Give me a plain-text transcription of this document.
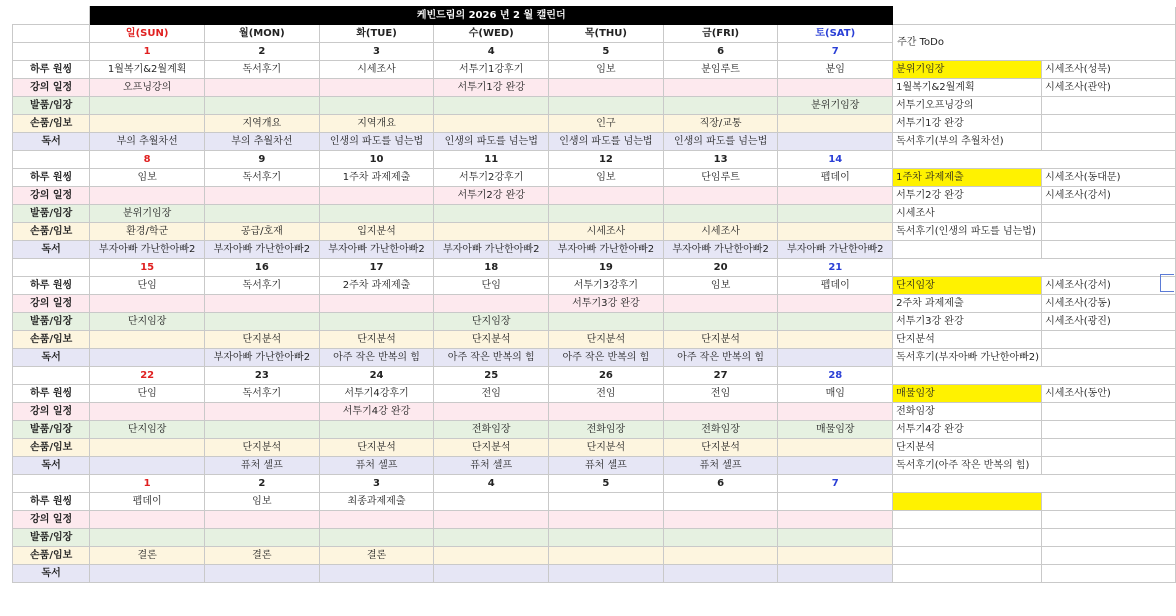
	케빈드림의 2026 년 2 월 캘린더								
	일(SUN)	월(MON)	화(TUE)	수(WED)	목(THU)	금(FRI)	토(SAT)	주간 ToDo	
	1	2	3	4	5	6	7		
하루 원씽	1월복기&2월계획	독서후기	시세조사	서투기1강후기	임보	분임루트	분임	분위기임장	시세조사(성북)
강의 일정	오프닝강의			서투기1강 완강				1월복기&2월계획	시세조사(관악)
발품/임장							분위기임장	서투기오프닝강의	
손품/임보		지역개요	지역개요		인구	직장/교통		서투기1강 완강	
독서	부의 추월차선	부의 추월차선	인생의 파도를 넘는법	인생의 파도를 넘는법	인생의 파도를 넘는법	인생의 파도를 넘는법		독서후기(부의 추월차선)	
	8	9	10	11	12	13	14		
하루 원씽	임보	독서후기	1주차 과제제출	서투기2강후기	임보	단임루트	펩데이	1주차 과제제출	시세조사(동대문)
강의 일정				서투기2강 완강				서투기2강 완강	시세조사(강서)
발품/임장	분위기임장							시세조사	
손품/임보	환경/학군	공급/호재	입지분석		시세조사	시세조사		독서후기(인생의 파도를 넘는법)	
독서	부자아빠 가난한아빠2	부자아빠 가난한아빠2	부자아빠 가난한아빠2	부자아빠 가난한아빠2	부자아빠 가난한아빠2	부자아빠 가난한아빠2	부자아빠 가난한아빠2		
	15	16	17	18	19	20	21		
하루 원씽	단임	독서후기	2주차 과제제출	단임	서투기3강후기	임보	펩데이	단지임장	시세조사(강서)
강의 일정					서투기3강 완강			2주차 과제제출	시세조사(강동)
발품/임장	단지임장			단지임장				서투기3강 완강	시세조사(광진)
손품/임보		단지분석	단지분석	단지분석	단지분석	단지분석		단지분석	
독서		부자아빠 가난한아빠2	아주 작은 반복의 힘	아주 작은 반복의 힘	아주 작은 반복의 힘	아주 작은 반복의 힘		독서후기(부자아빠 가난한아빠2)	
	22	23	24	25	26	27	28		
하루 원씽	단임	독서후기	서투기4강후기	전임	전임	전임	매임	매물임장	시세조사(동안)
강의 일정			서투기4강 완강					전화임장	
발품/임장	단지임장			전화임장	전화임장	전화임장	매물임장	서투기4강 완강	
손품/임보		단지분석	단지분석	단지분석	단지분석	단지분석		단지분석	
독서		퓨처 셀프	퓨처 셀프	퓨처 셀프	퓨처 셀프	퓨처 셀프		독서후기(아주 작은 반복의 힘)	
	1	2	3	4	5	6	7		
하루 원씽	펩데이	임보	최종과제제출						
강의 일정									
발품/임장									
손품/임보	결론	결론	결론						
독서									
